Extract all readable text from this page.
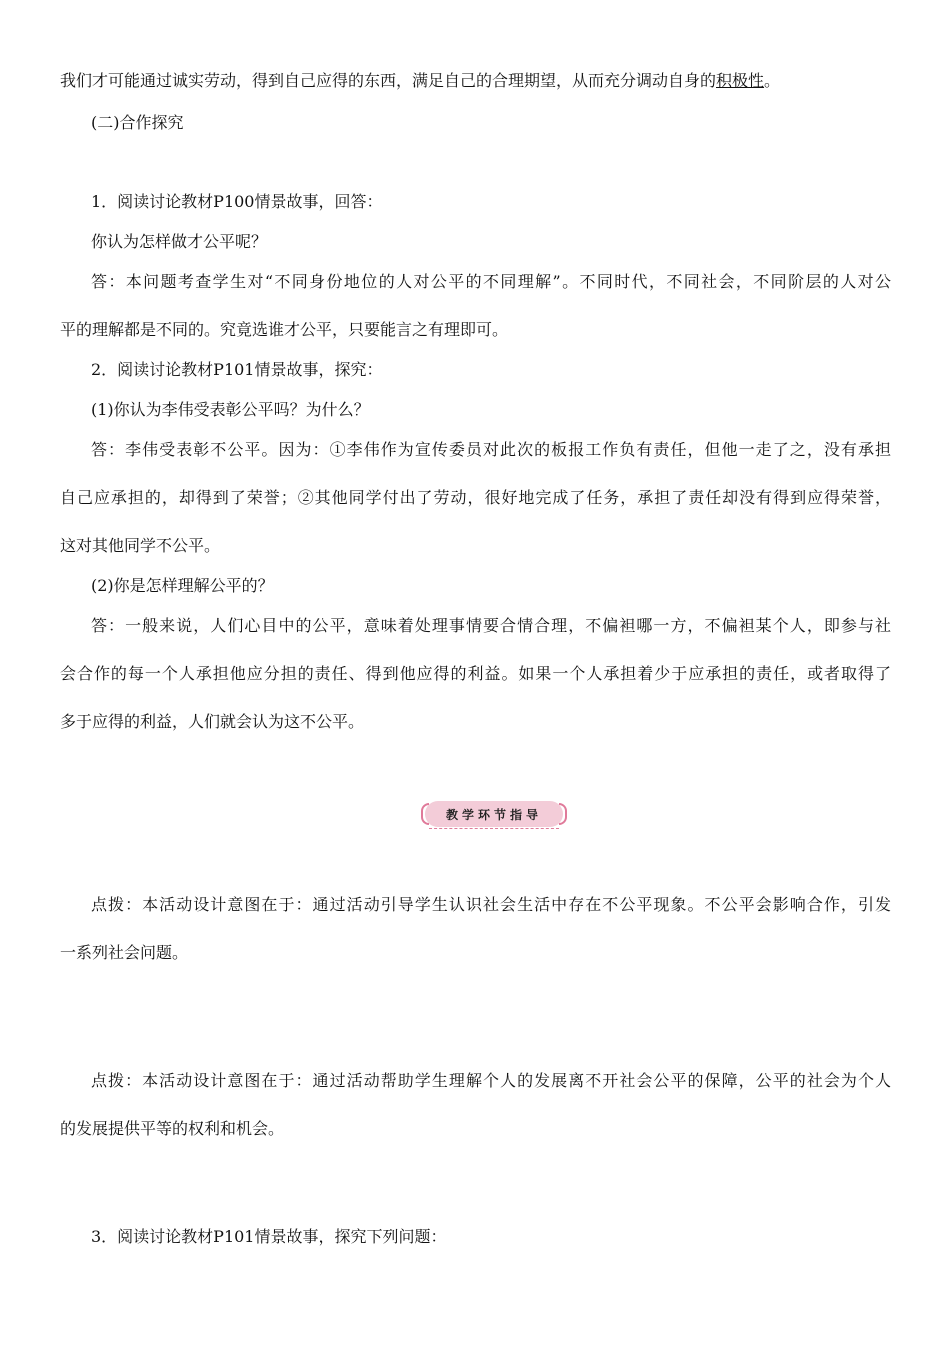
我们才可能通过诚实劳动，得到自己应得的东西，满足自己的合理期望，从而充分调动自身的积极性。
(二)合作探究
1．阅读讨论教材P100情景故事，回答：
你认为怎样做才公平呢？
答：本问题考查学生对“不同身份地位的人对公平的不同理解”。不同时代，不同社会，不同阶层的人对公
平的理解都是不同的。究竟选谁才公平，只要能言之有理即可。
2．阅读讨论教材P101情景故事，探究：
(1)你认为李伟受表彰公平吗？为什么？
答：李伟受表彰不公平。因为：①李伟作为宣传委员对此次的板报工作负有责任，但他一走了之，没有承担
自己应承担的，却得到了荣誉；②其他同学付出了劳动，很好地完成了任务，承担了责任却没有得到应得荣誉，
这对其他同学不公平。
(2)你是怎样理解公平的？
答：一般来说，人们心目中的公平，意味着处理事情要合情合理，不偏袒哪一方，不偏袒某个人，即参与社
会合作的每一个人承担他应分担的责任、得到他应得的利益。如果一个人承担着少于应承担的责任，或者取得了
多于应得的利益，人们就会认为这不公平。
教学环节指导
点拨：本活动设计意图在于：通过活动引导学生认识社会生活中存在不公平现象。不公平会影响合作，引发
一系列社会问题。
点拨：本活动设计意图在于：通过活动帮助学生理解个人的发展离不开社会公平的保障，公平的社会为个人
的发展提供平等的权利和机会。
3．阅读讨论教材P101情景故事，探究下列问题：
